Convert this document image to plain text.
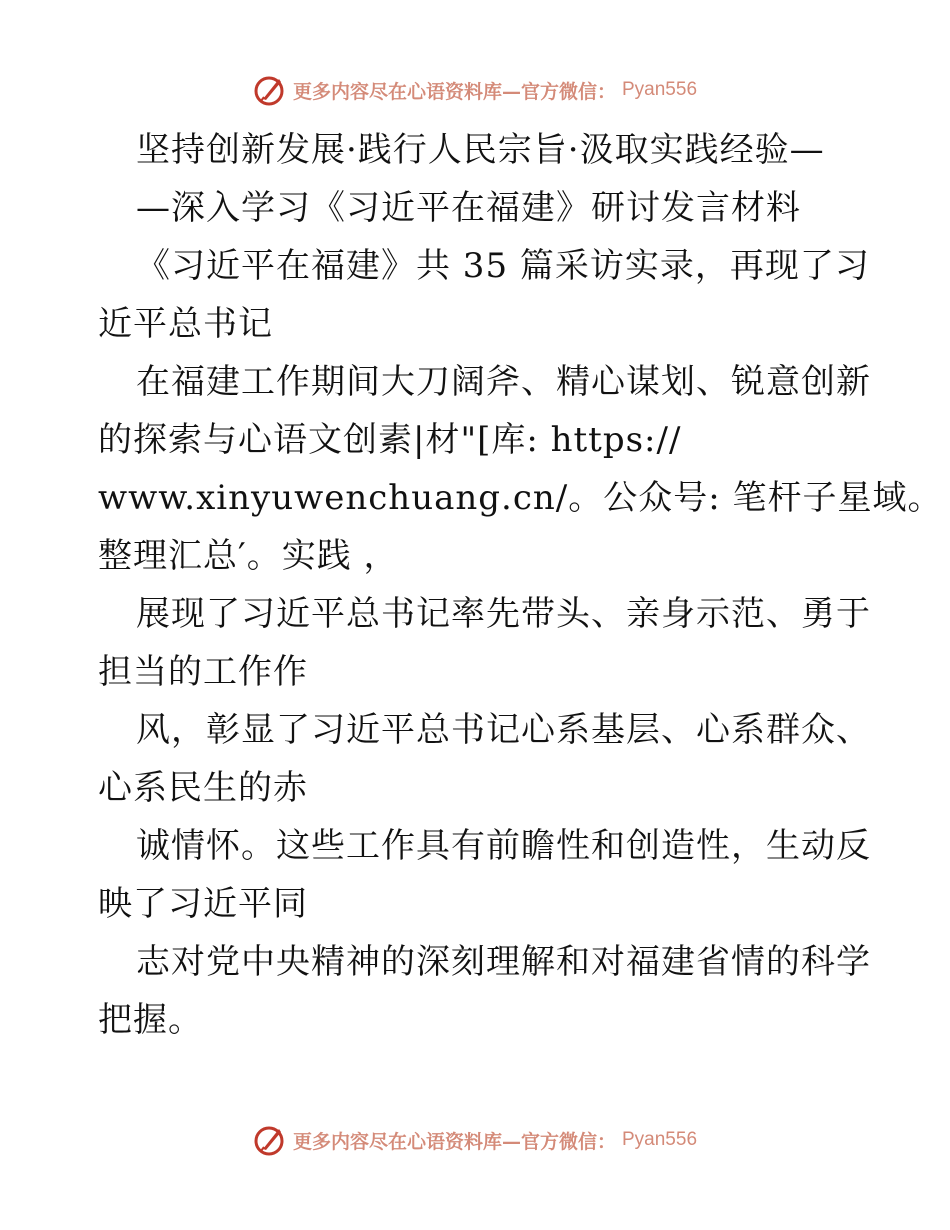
更多内容尽在心语资料库—官方微信： Pyan556
坚持创新发展·践行人民宗旨·汲取实践经验—
—深入学习《习近平在福建》研讨发言材料
《习近平在福建》共 35 篇采访实录，再现了习
近平总书记
在福建工作期间大刀阔斧、精心谋划、锐意创新
的探索与心语文创素|材"[库: https://
www.xinyuwenchuang.cn/。公众号: 笔杆子星域。
整理汇总′。实践 ，
展现了习近平总书记率先带头、亲身示范、勇于
担当的工作作
风，彰显了习近平总书记心系基层、心系群众、
心系民生的赤
诚情怀。这些工作具有前瞻性和创造性，生动反
映了习近平同
志对党中央精神的深刻理解和对福建省情的科学
把握。
更多内容尽在心语资料库—官方微信： Pyan556
